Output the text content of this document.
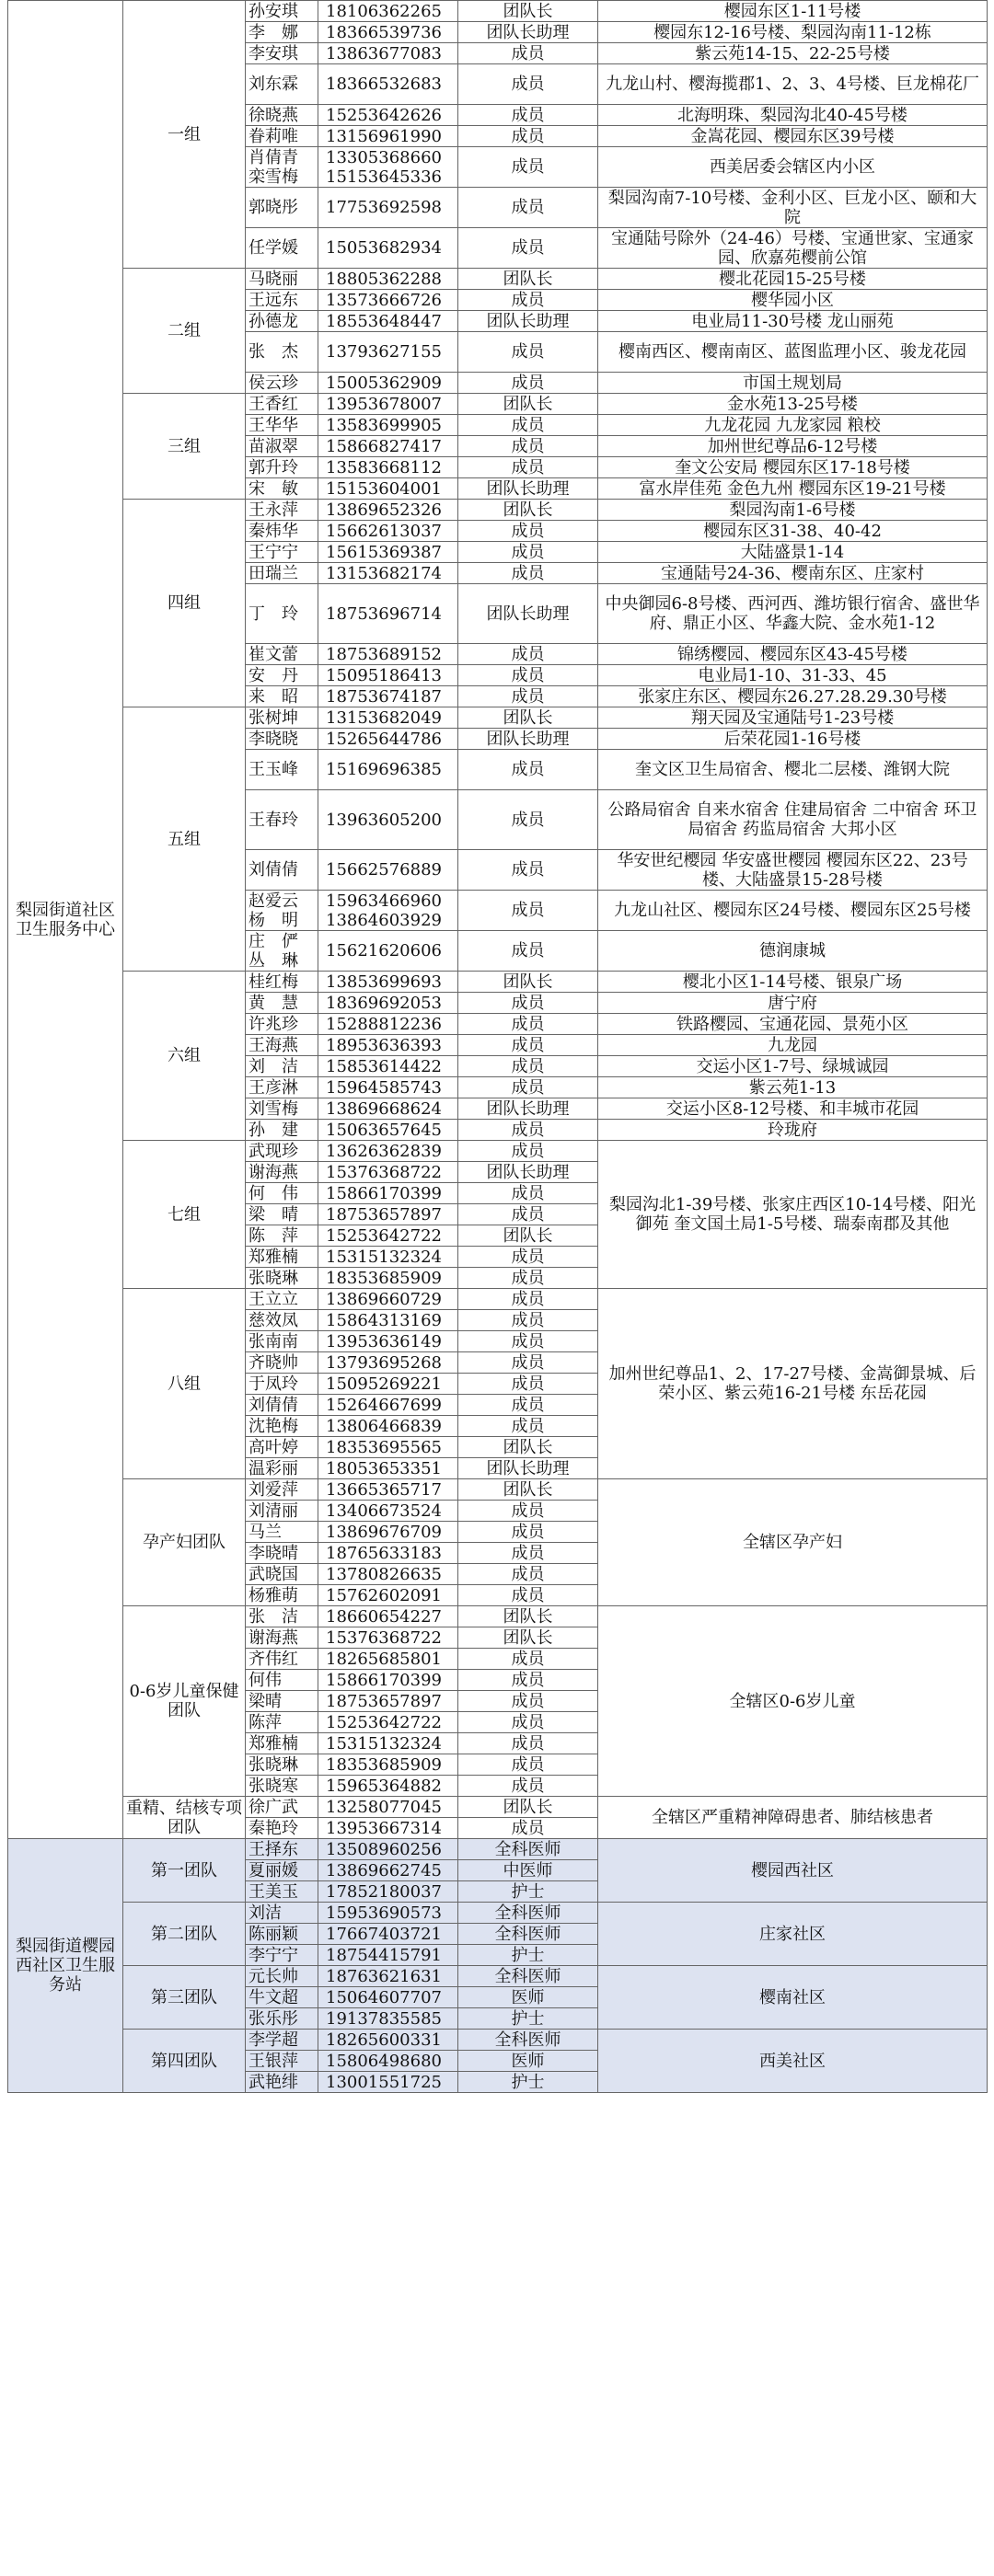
梨园街道社区卫生服务中心	一组	孙安琪	18106362265	团队长	樱园东区1-11号楼
		李　娜	18366539736	团队长助理	樱园东12-16号楼、梨园沟南11-12栋
		李安琪	13863677083	成员	紫云苑14-15、22-25号楼
		刘东霖	18366532683	成员	九龙山村、樱海揽郡1、2、3、4号楼、巨龙棉花厂
		徐晓燕	15253642626	成员	北海明珠、梨园沟北40-45号楼
		眷莉唯	13156961990	成员	金嵩花园、樱园东区39号楼
		肖倩青 栾雪梅	13305368660 15153645336	成员	西美居委会辖区内小区
		郭晓彤	17753692598	成员	梨园沟南7-10号楼、金利小区、巨龙小区、颐和大院
		任学媛	15053682934	成员	宝通陆号除外（24-46）号楼、宝通世家、宝通家园、欣嘉苑樱前公馆
	二组	马晓丽	18805362288	团队长	樱北花园15-25号楼
		王远东	13573666726	成员	樱华园小区
		孙德龙	18553648447	团队长助理	电业局11-30号楼 龙山丽苑
		张　杰	13793627155	成员	樱南西区、樱南南区、蓝图监理小区、骏龙花园
		侯云珍	15005362909	成员	市国土规划局
	三组	王香红	13953678007	团队长	金水苑13-25号楼
		王华华	13583699905	成员	九龙花园 九龙家园 粮校
		苗淑翠	15866827417	成员	加州世纪尊品6-12号楼
		郭升玲	13583668112	成员	奎文公安局 樱园东区17-18号楼
		宋　敏	15153604001	团队长助理	富水岸佳苑 金色九州 樱园东区19-21号楼
	四组	王永萍	13869652326	团队长	梨园沟南1-6号楼
		秦炜华	15662613037	成员	樱园东区31-38、40-42
		王宁宁	15615369387	成员	大陆盛景1-14
		田瑞兰	13153682174	成员	宝通陆号24-36、樱南东区、庄家村
		丁　玲	18753696714	团队长助理	中央御园6-8号楼、西河西、潍坊银行宿舍、盛世华府、鼎正小区、华鑫大院、金水苑1-12
		崔文蕾	18753689152	成员	锦绣樱园、樱园东区43-45号楼
		安　丹	15095186413	成员	电业局1-10、31-33、45
		来　昭	18753674187	成员	张家庄东区、樱园东26.27.28.29.30号楼
	五组	张树坤	13153682049	团队长	翔天园及宝通陆号1-23号楼
		李晓晓	15265644786	团队长助理	后荣花园1-16号楼
		王玉峰	15169696385	成员	奎文区卫生局宿舍、樱北二层楼、潍钢大院
		王春玲	13963605200	成员	公路局宿舍 自来水宿舍 住建局宿舍 二中宿舍 环卫局宿舍 药监局宿舍 大邦小区
		刘倩倩	15662576889	成员	华安世纪樱园 华安盛世樱园 樱园东区22、23号楼、大陆盛景15-28号楼
		赵爱云 杨　明	15963466960 13864603929	成员	九龙山社区、樱园东区24号楼、樱园东区25号楼
		庄　俨 丛　琳	15621620606	成员	德润康城
	六组	桂红梅	13853699693	团队长	樱北小区1-14号楼、银泉广场
		黄　慧	18369692053	成员	唐宁府
		许兆珍	15288812236	成员	铁路樱园、宝通花园、景苑小区
		王海燕	18953636393	成员	九龙园
		刘　洁	15853614422	成员	交运小区1-7号、绿城诚园
		王彦淋	15964585743	成员	紫云苑1-13
		刘雪梅	13869668624	团队长助理	交运小区8-12号楼、和丰城市花园
		孙　建	15063657645	成员	玲珑府
	七组	武现珍	13626362839	成员	梨园沟北1-39号楼、张家庄西区10-14号楼、阳光御苑 奎文国土局1-5号楼、瑞泰南郡及其他
		谢海燕	15376368722	团队长助理	
		何　伟	15866170399	成员	
		梁　晴	18753657897	成员	
		陈　萍	15253642722	团队长	
		郑雅楠	15315132324	成员	
		张晓琳	18353685909	成员	
	八组	王立立	13869660729	成员	加州世纪尊品1、2、17-27号楼、金嵩御景城、后荣小区、紫云苑16-21号楼 东岳花园
		慈效凤	15864313169	成员	
		张南南	13953636149	成员	
		齐晓帅	13793695268	成员	
		于凤玲	15095269221	成员	
		刘倩倩	15264667699	成员	
		沈艳梅	13806466839	成员	
		高叶婷	18353695565	团队长	
		温彩丽	18053653351	团队长助理	
	孕产妇团队	刘爱萍	13665365717	团队长	全辖区孕产妇
		刘清丽	13406673524	成员	
		马兰	13869676709	成员	
		李晓晴	18765633183	成员	
		武晓国	13780826635	成员	
		杨雅萌	15762602091	成员	
	0-6岁儿童保健团队	张　洁	18660654227	团队长	全辖区0-6岁儿童
		谢海燕	15376368722	团队长	
		齐伟红	18265685801	成员	
		何伟	15866170399	成员	
		梁晴	18753657897	成员	
		陈萍	15253642722	成员	
		郑雅楠	15315132324	成员	
		张晓琳	18353685909	成员	
		张晓寒	15965364882	成员	
	重精、结核专项团队	徐广武	13258077045	团队长	全辖区严重精神障碍患者、肺结核患者
		秦艳玲	13953667314	成员	
梨园街道樱园西社区卫生服务站	第一团队	王择东	13508960256	全科医师	樱园西社区
		夏丽媛	13869662745	中医师	
		王美玉	17852180037	护士	
	第二团队	刘洁	15953690573	全科医师	庄家社区
		陈丽颖	17667403721	全科医师	
		李宁宁	18754415791	护士	
	第三团队	元长帅	18763621631	全科医师	樱南社区
		牛文超	15064607707	医师	
		张乐彤	19137835585	护士	
	第四团队	李学超	18265600331	全科医师	西美社区
		王银萍	15806498680	医师	
		武艳绯	13001551725	护士	
